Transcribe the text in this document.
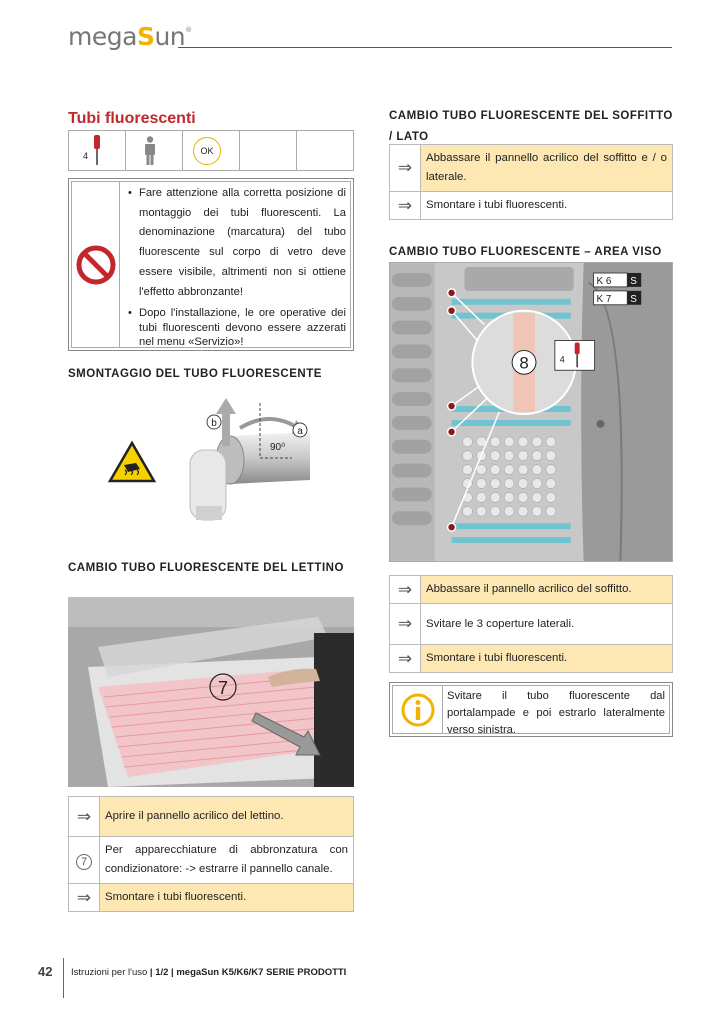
megaSun®
Tubi fluorescenti
4	OK
• Fare attenzione alla corretta posizione di montaggio dei tubi fluorescenti. La denominazione (marcatura) del tubo fluorescente sul corpo di vetro deve essere visibile, altrimenti non si ottiene l'effetto abbronzante!
• Dopo l'installazione, le ore operative dei tubi fluorescenti devono essere azzerati nel menu «Servizio»!
SMONTAGGIO DEL TUBO FLUORESCENTE
b
a
90⁰
CAMBIO TUBO FLUORESCENTE DEL LETTINO
7
⇒	Aprire il pannello acrilico del lettino.
7	Per apparecchiature di abbronzatura con condizionatore: -> estrarre il pannello canale.
⇒	Smontare i tubi fluorescenti.
CAMBIO TUBO FLUORESCENTE DEL SOFFITTO / LATO
⇒	Abbassare il pannello acrilico del soffitto e / o laterale.
⇒	Smontare i tubi fluorescenti.
CAMBIO TUBO FLUORESCENTE – AREA VISO
K 6 S
K 7 S
8	4
⇒	Abbassare il pannello acrilico del soffitto.
⇒	Svitare le 3 coperture laterali.
⇒	Smontare i tubi fluorescenti.
Svitare il tubo fluorescente dal portalampade e poi estrarlo lateralmente verso sinistra.
42 Istruzioni per l'uso | 1/2 | megaSun K5/K6/K7 SERIE PRODOTTI
